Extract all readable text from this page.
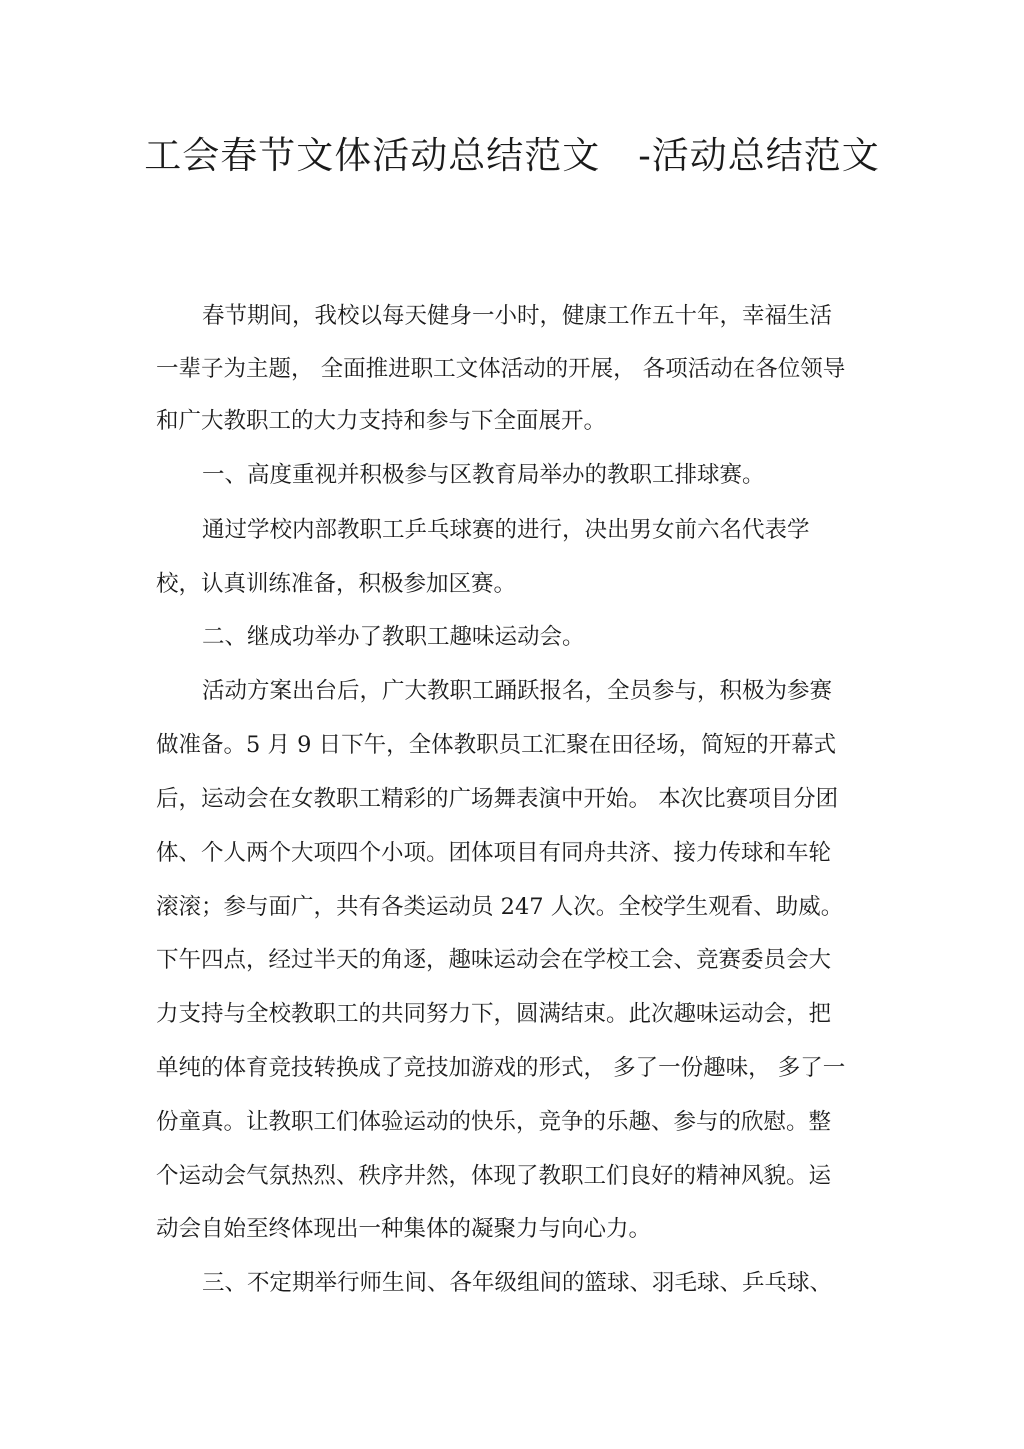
工会春节文体活动总结范文 -活动总结范文
春节期间，我校以每天健身一小时，健康工作五十年，幸福生活
一辈子为主题， 全面推进职工文体活动的开展， 各项活动在各位领导
和广大教职工的大力支持和参与下全面展开。
一、高度重视并积极参与区教育局举办的教职工排球赛。
通过学校内部教职工乒乓球赛的进行，决出男女前六名代表学
校，认真训练准备，积极参加区赛。
二、继成功举办了教职工趣味运动会。
活动方案出台后，广大教职工踊跃报名，全员参与，积极为参赛
做准备。5 月 9 日下午，全体教职员工汇聚在田径场，简短的开幕式
后，运动会在女教职工精彩的广场舞表演中开始。 本次比赛项目分团
体、个人两个大项四个小项。团体项目有同舟共济、接力传球和车轮
滚滚；参与面广，共有各类运动员 247 人次。全校学生观看、助威。
下午四点，经过半天的角逐，趣味运动会在学校工会、竞赛委员会大
力支持与全校教职工的共同努力下，圆满结束。此次趣味运动会，把
单纯的体育竞技转换成了竞技加游戏的形式， 多了一份趣味， 多了一
份童真。让教职工们体验运动的快乐，竞争的乐趣、参与的欣慰。整
个运动会气氛热烈、秩序井然，体现了教职工们良好的精神风貌。运
动会自始至终体现出一种集体的凝聚力与向心力。
三、不定期举行师生间、各年级组间的篮球、羽毛球、乒乓球、
